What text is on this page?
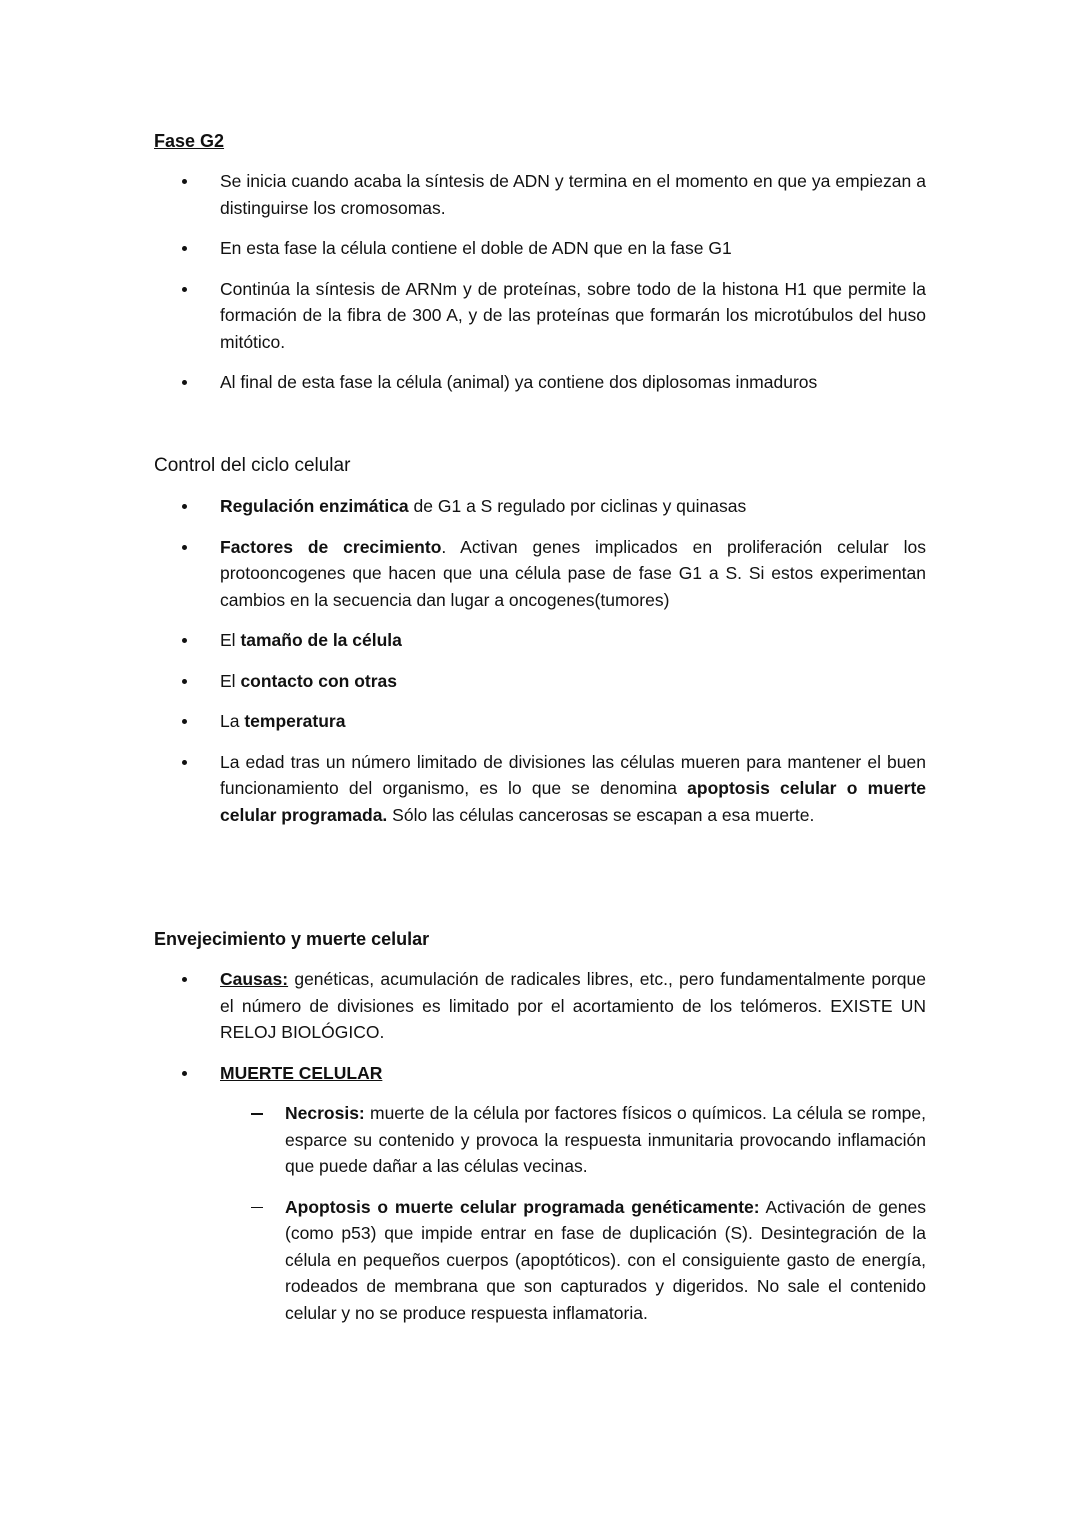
Fase G2
Se inicia cuando acaba la síntesis de ADN y termina en el momento en que ya empiezan a distinguirse los cromosomas.
En esta fase la célula contiene el doble de ADN que en la fase G1
Continúa la síntesis de ARNm y de proteínas, sobre todo de la histona H1 que permite la formación de la fibra de 300 A, y de las proteínas que formarán los microtúbulos del huso mitótico.
Al final de esta fase la célula (animal) ya contiene dos diplosomas inmaduros
Control del ciclo celular
Regulación enzimática de G1 a S regulado por ciclinas y quinasas
Factores de crecimiento. Activan genes implicados en proliferación celular los protooncogenes que hacen que una célula pase de fase G1 a S. Si estos experimentan cambios en la secuencia dan lugar a oncogenes(tumores)
El tamaño de la célula
El contacto con otras
La temperatura
La edad tras un número limitado de divisiones las células mueren para mantener el buen funcionamiento del organismo, es lo que se denomina apoptosis celular o muerte celular programada. Sólo las células cancerosas se escapan a esa muerte.
Envejecimiento y muerte celular
Causas: genéticas, acumulación de radicales libres, etc., pero fundamentalmente porque el número de divisiones es limitado por el acortamiento de los telómeros. EXISTE UN RELOJ BIOLÓGICO.
MUERTE CELULAR
Necrosis: muerte de la célula por factores físicos o químicos. La célula se rompe, esparce su contenido y provoca la respuesta inmunitaria provocando inflamación que puede dañar a las células vecinas.
Apoptosis o muerte celular programada genéticamente: Activación de genes (como p53) que impide entrar en fase de duplicación (S). Desintegración de la célula en pequeños cuerpos (apoptóticos). con el consiguiente gasto de energía, rodeados de membrana que son capturados y digeridos. No sale el contenido celular y no se produce respuesta inflamatoria.
